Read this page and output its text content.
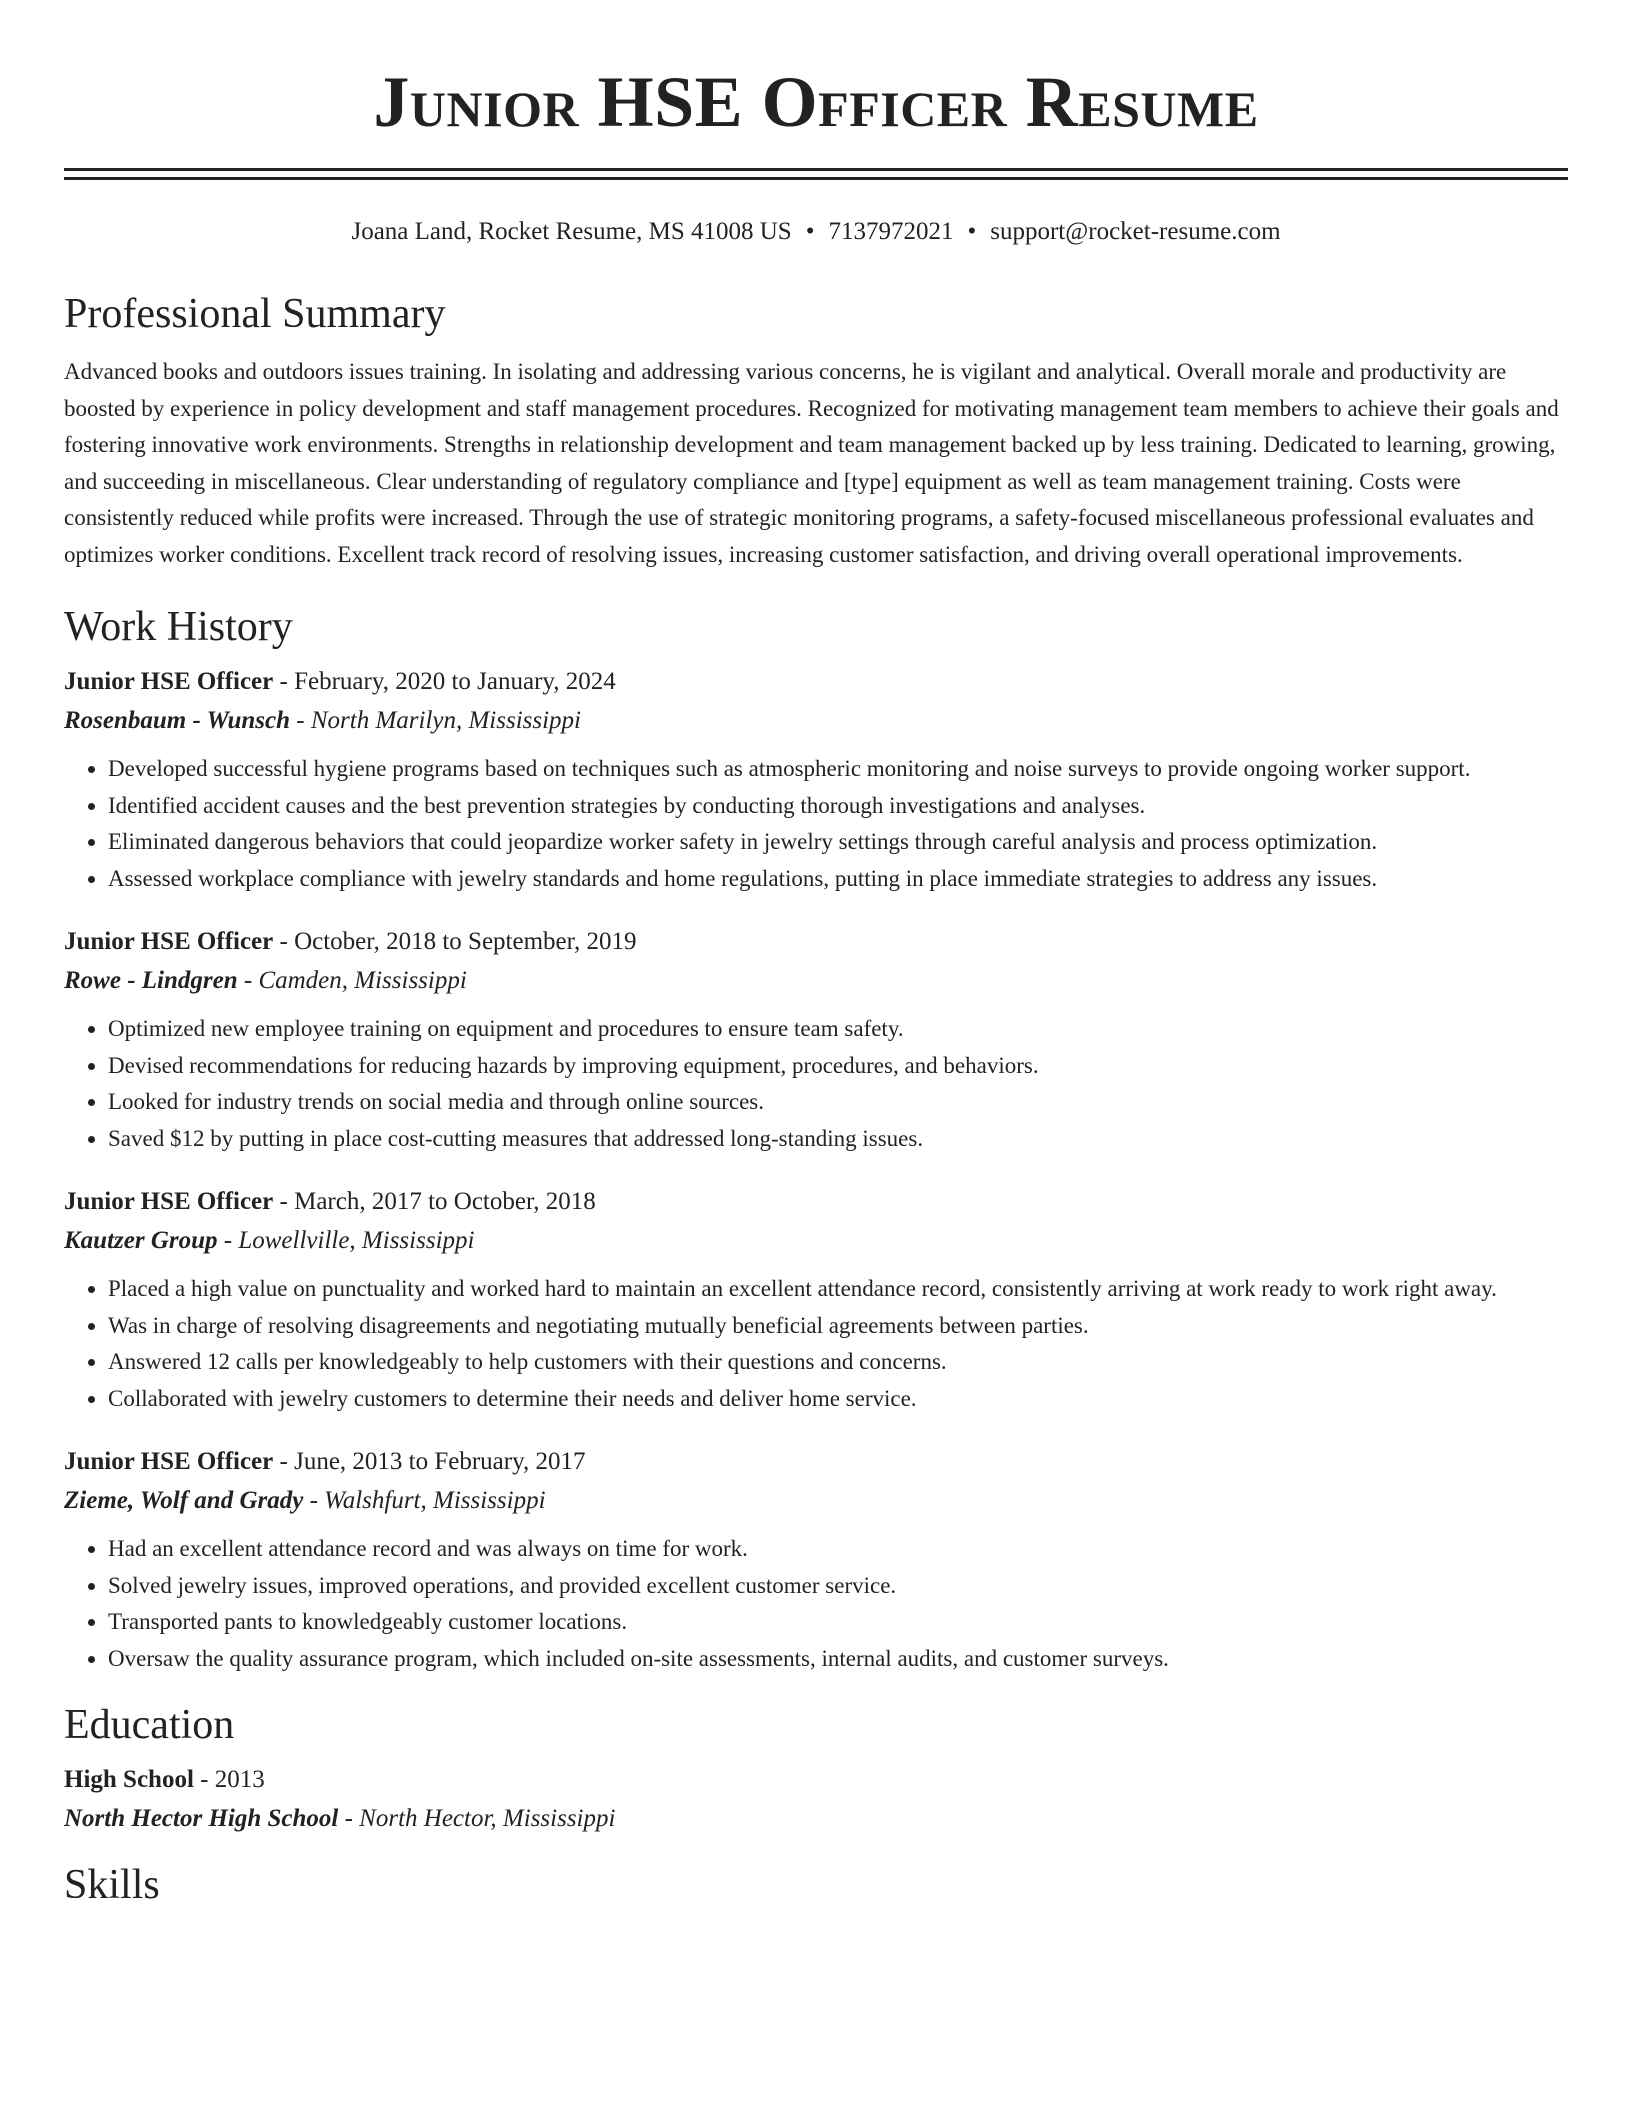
Junior HSE Officer Resume
Joana Land, Rocket Resume, MS 41008 US • 7137972021 • support@rocket-resume.com
Professional Summary
Advanced books and outdoors issues training. In isolating and addressing various concerns, he is vigilant and analytical. Overall morale and productivity are boosted by experience in policy development and staff management procedures. Recognized for motivating management team members to achieve their goals and fostering innovative work environments. Strengths in relationship development and team management backed up by less training. Dedicated to learning, growing, and succeeding in miscellaneous. Clear understanding of regulatory compliance and [type] equipment as well as team management training. Costs were consistently reduced while profits were increased. Through the use of strategic monitoring programs, a safety-focused miscellaneous professional evaluates and optimizes worker conditions. Excellent track record of resolving issues, increasing customer satisfaction, and driving overall operational improvements.
Work History
Junior HSE Officer - February, 2020 to January, 2024
Rosenbaum - Wunsch - North Marilyn, Mississippi
• Developed successful hygiene programs based on techniques such as atmospheric monitoring and noise surveys to provide ongoing worker support.
• Identified accident causes and the best prevention strategies by conducting thorough investigations and analyses.
• Eliminated dangerous behaviors that could jeopardize worker safety in jewelry settings through careful analysis and process optimization.
• Assessed workplace compliance with jewelry standards and home regulations, putting in place immediate strategies to address any issues.
Junior HSE Officer - October, 2018 to September, 2019
Rowe - Lindgren - Camden, Mississippi
• Optimized new employee training on equipment and procedures to ensure team safety.
• Devised recommendations for reducing hazards by improving equipment, procedures, and behaviors.
• Looked for industry trends on social media and through online sources.
• Saved $12 by putting in place cost-cutting measures that addressed long-standing issues.
Junior HSE Officer - March, 2017 to October, 2018
Kautzer Group - Lowellville, Mississippi
• Placed a high value on punctuality and worked hard to maintain an excellent attendance record, consistently arriving at work ready to work right away.
• Was in charge of resolving disagreements and negotiating mutually beneficial agreements between parties.
• Answered 12 calls per knowledgeably to help customers with their questions and concerns.
• Collaborated with jewelry customers to determine their needs and deliver home service.
Junior HSE Officer - June, 2013 to February, 2017
Zieme, Wolf and Grady - Walshfurt, Mississippi
• Had an excellent attendance record and was always on time for work.
• Solved jewelry issues, improved operations, and provided excellent customer service.
• Transported pants to knowledgeably customer locations.
• Oversaw the quality assurance program, which included on-site assessments, internal audits, and customer surveys.
Education
High School - 2013
North Hector High School - North Hector, Mississippi
Skills
